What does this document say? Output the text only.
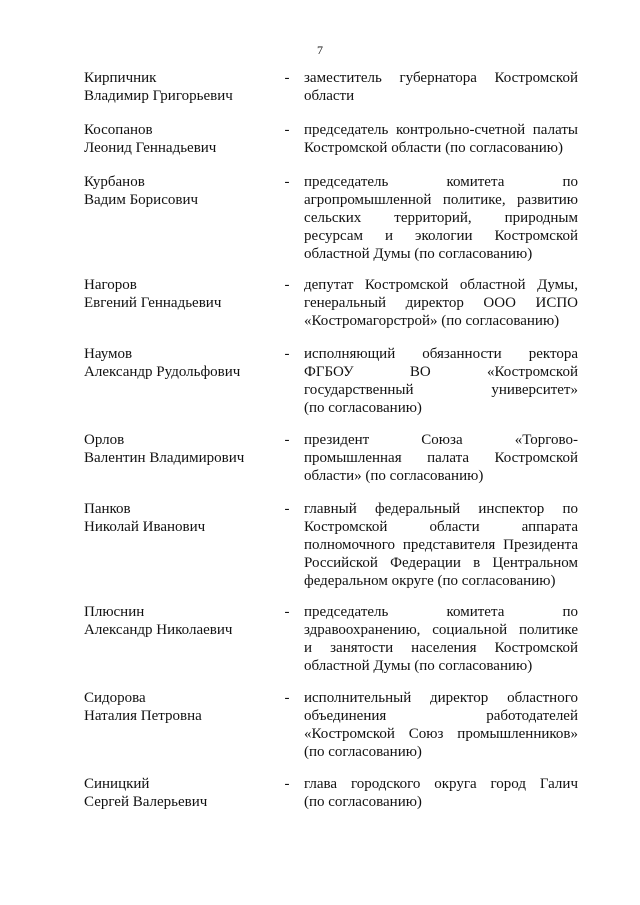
7
Кирпичник
Владимир Григорьевич
- заместитель губернатора Костромской
области
Косопанов
Леонид Геннадьевич
- председатель контрольно-счетной палаты
Костромской области (по согласованию)
Курбанов
Вадим Борисович
- председатель комитета по
агропромышленной политике, развитию
сельских территорий, природным
ресурсам и экологии Костромской
областной Думы (по согласованию)
Нагоров
Евгений Геннадьевич
- депутат Костромской областной Думы,
генеральный директор ООО ИСПО
«Костромагорстрой» (по согласованию)
Наумов
Александр Рудольфович
- исполняющий обязанности ректора
ФГБОУ ВО «Костромской
государственный университет»
(по согласованию)
Орлов
Валентин Владимирович
- президент Союза «Торгово-
промышленная палата Костромской
области» (по согласованию)
Панков
Николай Иванович
- главный федеральный инспектор по
Костромской области аппарата
полномочного представителя Президента
Российской Федерации в Центральном
федеральном округе (по согласованию)
Плюснин
Александр Николаевич
- председатель комитета по
здравоохранению, социальной политике
и занятости населения Костромской
областной Думы (по согласованию)
Сидорова
Наталия Петровна
- исполнительный директор областного
объединения работодателей
«Костромской Союз промышленников»
(по согласованию)
Синицкий
Сергей Валерьевич
- глава городского округа город Галич
(по согласованию)
